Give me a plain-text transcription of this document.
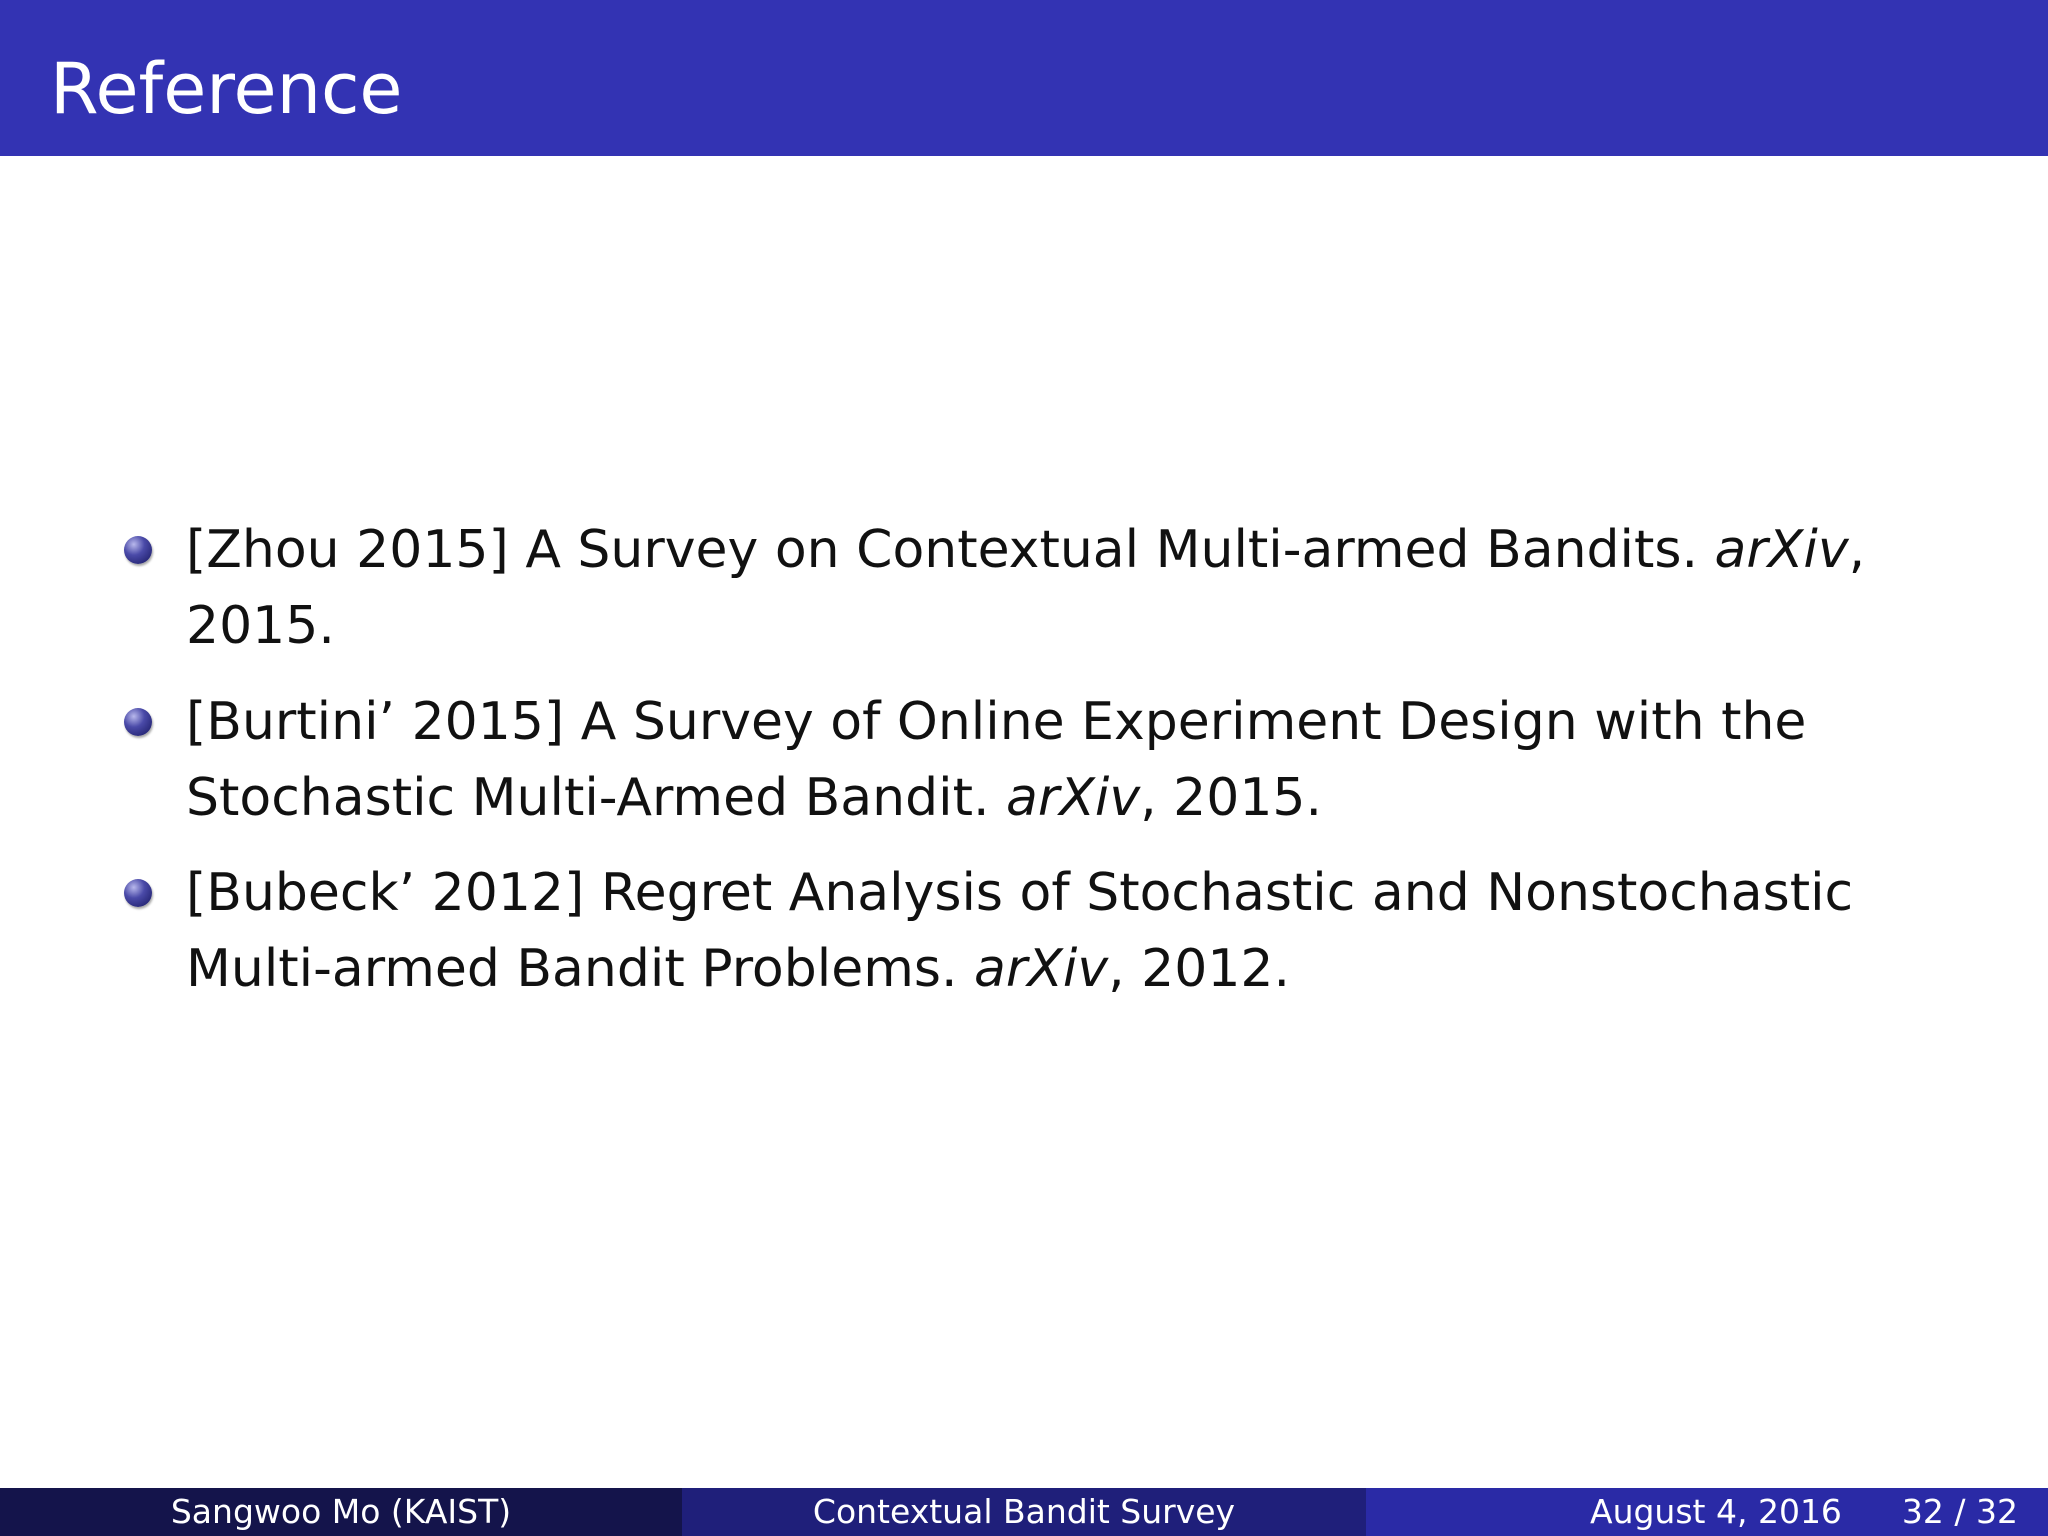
Reference
[Zhou 2015] A Survey on Contextual Multi-armed Bandits. arXiv,
2015.
[Burtini’ 2015] A Survey of Online Experiment Design with the
Stochastic Multi-Armed Bandit. arXiv, 2015.
[Bubeck’ 2012] Regret Analysis of Stochastic and Nonstochastic
Multi-armed Bandit Problems. arXiv, 2012.
Sangwoo Mo (KAIST)	Contextual Bandit Survey	August 4, 2016 32 / 32
